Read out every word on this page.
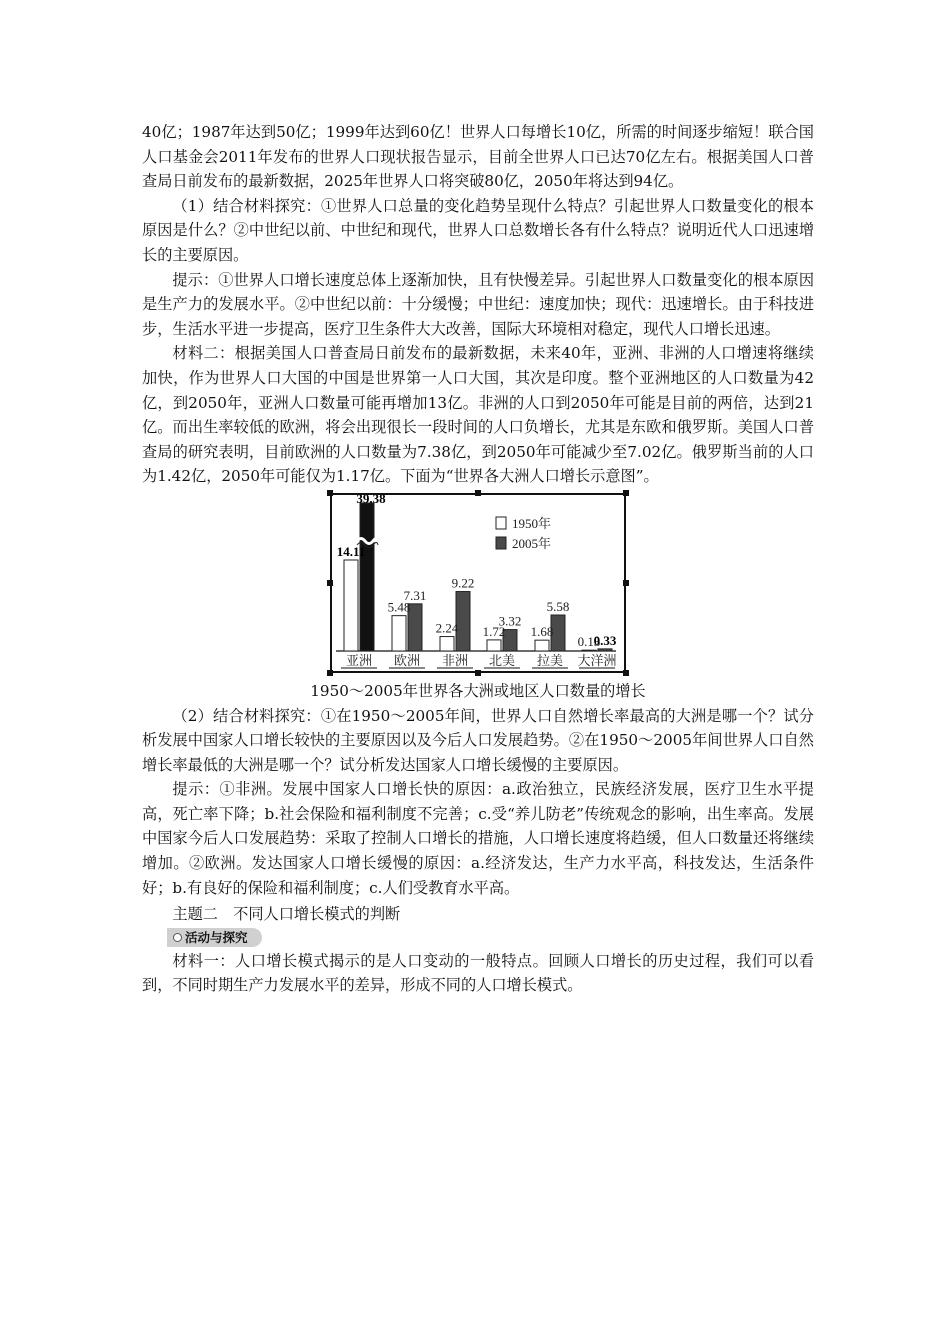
40亿；1987年达到50亿；1999年达到60亿！世界人口每增长10亿，所需的时间逐步缩短！联合国人口基金会2011年发布的世界人口现状报告显示，目前全世界人口已达70亿左右。根据美国人口普查局日前发布的最新数据，2025年世界人口将突破80亿，2050年将达到94亿。

（1）结合材料探究：①世界人口总量的变化趋势呈现什么特点？引起世界人口数量变化的根本原因是什么？②中世纪以前、中世纪和现代，世界人口总数增长各有什么特点？说明近代人口迅速增长的主要原因。

提示：①世界人口增长速度总体上逐渐加快，且有快慢差异。引起世界人口数量变化的根本原因是生产力的发展水平。②中世纪以前：十分缓慢；中世纪：速度加快；现代：迅速增长。由于科技进步，生活水平进一步提高，医疗卫生条件大大改善，国际大环境相对稳定，现代人口增长迅速。

材料二：根据美国人口普查局日前发布的最新数据，未来40年，亚洲、非洲的人口增速将继续加快，作为世界人口大国的中国是世界第一人口大国，其次是印度。整个亚洲地区的人口数量为42亿，到2050年，亚洲人口数量可能再增加13亿。非洲的人口到2050年可能是目前的两倍，达到21亿。而出生率较低的欧洲，将会出现很长一段时间的人口负增长，尤其是东欧和俄罗斯。美国人口普查局的研究表明，目前欧洲的人口数量为7.38亿，到2050年可能减少至7.02亿。俄罗斯当前的人口为1.42亿，2050年可能仅为1.17亿。下面为“世界各大洲人口增长示意图”。

14.11
39.38
亚洲
5.48
7.31
欧洲
2.24
9.22
非洲
1.72
3.32
北美
1.68
5.58
拉美
0.13
0.33
大洋洲
1950年
2005年
1950～2005年世界各大洲或地区人口数量的增长

（2）结合材料探究：①在1950～2005年间，世界人口自然增长率最高的大洲是哪一个？试分析发展中国家人口增长较快的主要原因以及今后人口发展趋势。②在1950～2005年间世界人口自然增长率最低的大洲是哪一个？试分析发达国家人口增长缓慢的主要原因。

提示：①非洲。发展中国家人口增长快的原因：a.政治独立，民族经济发展，医疗卫生水平提高，死亡率下降；b.社会保险和福利制度不完善；c.受“养儿防老”传统观念的影响，出生率高。发展中国家今后人口发展趋势：采取了控制人口增长的措施，人口增长速度将趋缓，但人口数量还将继续增加。②欧洲。发达国家人口增长缓慢的原因：a.经济发达，生产力水平高，科技发达，生活条件好；b.有良好的保险和福利制度；c.人们受教育水平高。

主题二　不同人口增长模式的判断

活动与探究

材料一：人口增长模式揭示的是人口变动的一般特点。回顾人口增长的历史过程，我们可以看到，不同时期生产力发展水平的差异，形成不同的人口增长模式。
